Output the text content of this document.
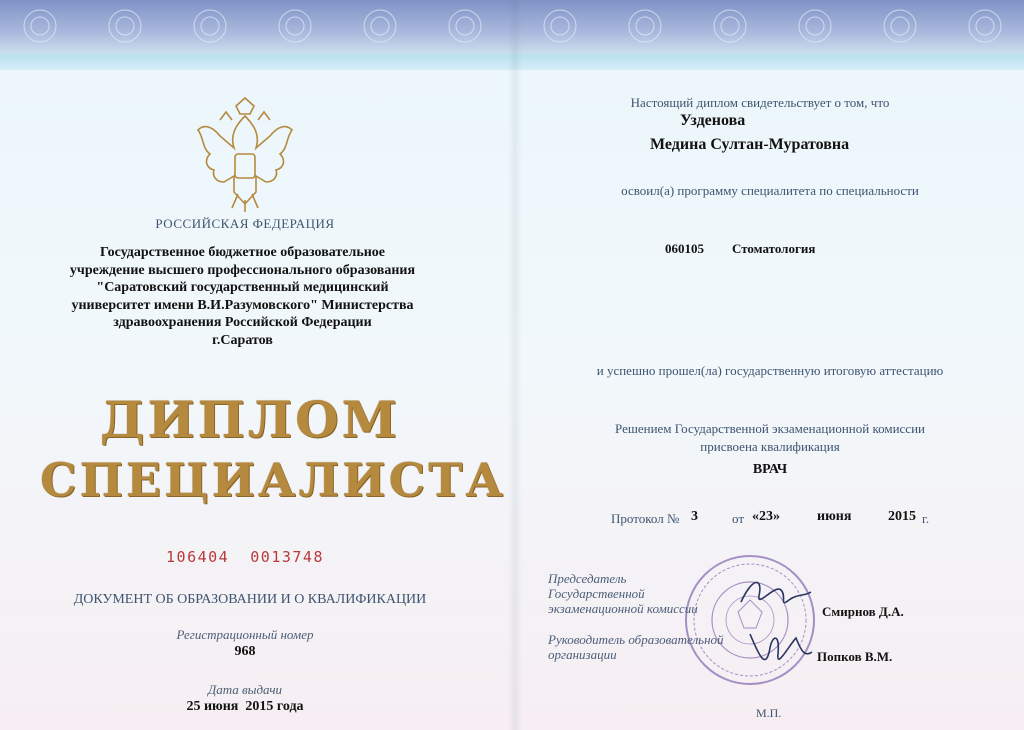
РОССИЙСКАЯ ФЕДЕРАЦИЯ
Государственное бюджетное образовательное
учреждение высшего профессионального образования
"Саратовский государственный медицинский
университет имени В.И.Разумовского" Министерства
здравоохранения Российской Федерации
г.Саратов
ДИПЛОМ
СПЕЦИАЛИСТА
106404  0013748
ДОКУМЕНТ ОБ ОБРАЗОВАНИИ И О КВАЛИФИКАЦИИ
Регистрационный номер
968
Дата выдачи
25 июня  2015 года
Настоящий диплом свидетельствует о том, что
Узденова
Медина Султан-Муратовна
освоил(а) программу специалитета по специальности
060105 Стоматология
и успешно прошел(ла) государственную итоговую аттестацию
Решением Государственной экзаменационной комиссии
присвоена квалификация
ВРАЧ
Протокол № 3	от «23»	июня	2015 г.
Председатель
Государственной
экзаменационной комиссии	Смирнов Д.А.
Руководитель образовательной
организации	Попков В.М.
М.П.
